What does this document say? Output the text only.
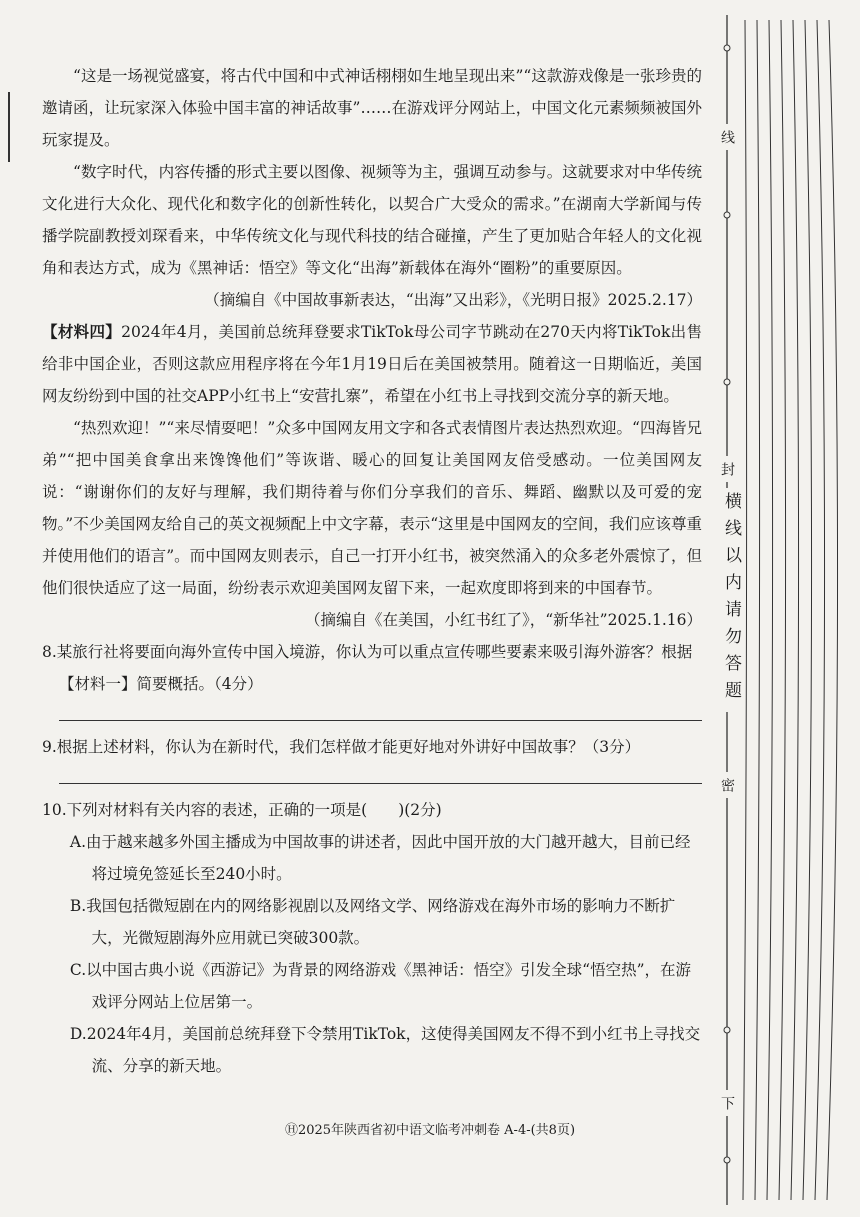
“这是一场视觉盛宴，将古代中国和中式神话栩栩如生地呈现出来”“这款游戏像是一张珍贵的邀请函，让玩家深入体验中国丰富的神话故事”……在游戏评分网站上，中国文化元素频频被国外玩家提及。

“数字时代，内容传播的形式主要以图像、视频等为主，强调互动参与。这就要求对中华传统文化进行大众化、现代化和数字化的创新性转化，以契合广大受众的需求。”在湖南大学新闻与传播学院副教授刘琛看来，中华传统文化与现代科技的结合碰撞，产生了更加贴合年轻人的文化视角和表达方式，成为《黑神话：悟空》等文化“出海”新载体在海外“圈粉”的重要原因。

（摘编自《中国故事新表达，“出海”又出彩》，《光明日报》2025.2.17）

【材料四】2024年4月，美国前总统拜登要求TikTok母公司字节跳动在270天内将TikTok出售给非中国企业，否则这款应用程序将在今年1月19日后在美国被禁用。随着这一日期临近，美国网友纷纷到中国的社交APP小红书上“安营扎寨”，希望在小红书上寻找到交流分享的新天地。

“热烈欢迎！”“来尽情耍吧！”众多中国网友用文字和各式表情图片表达热烈欢迎。“四海皆兄弟”“把中国美食拿出来馋馋他们”等诙谐、暖心的回复让美国网友倍受感动。一位美国网友说：“谢谢你们的友好与理解，我们期待着与你们分享我们的音乐、舞蹈、幽默以及可爱的宠物。”不少美国网友给自己的英文视频配上中文字幕，表示“这里是中国网友的空间，我们应该尊重并使用他们的语言”。而中国网友则表示，自己一打开小红书，被突然涌入的众多老外震惊了，但他们很快适应了这一局面，纷纷表示欢迎美国网友留下来，一起欢度即将到来的中国春节。

（摘编自《在美国，小红书红了》，“新华社”2025.1.16）

8.某旅行社将要面向海外宣传中国入境游，你认为可以重点宣传哪些要素来吸引海外游客？根据【材料一】简要概括。（4分）

9.根据上述材料，你认为在新时代，我们怎样做才能更好地对外讲好中国故事？（3分）

10.下列对材料有关内容的表述，正确的一项是(　　)(2分)

A.由于越来越多外国主播成为中国故事的讲述者，因此中国开放的大门越开越大，目前已经将过境免签延长至240小时。

B.我国包括微短剧在内的网络影视剧以及网络文学、网络游戏在海外市场的影响力不断扩大，光微短剧海外应用就已突破300款。

C.以中国古典小说《西游记》为背景的网络游戏《黑神话：悟空》引发全球“悟空热”，在游戏评分网站上位居第一。

D.2024年4月，美国前总统拜登下令禁用TikTok，这使得美国网友不得不到小红书上寻找交流、分享的新天地。

Ⓗ2025年陕西省初中语文临考冲刺卷 A-4-(共8页)
线
封
密
下
横线以内请勿答题
